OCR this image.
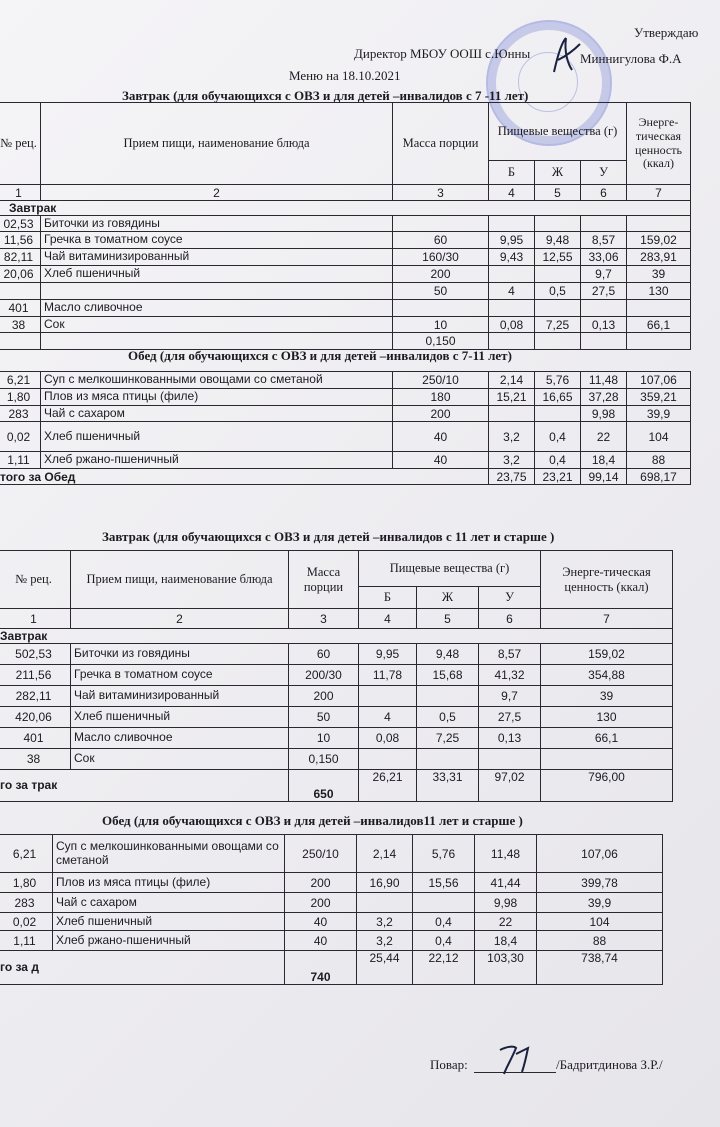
Утверждаю
Директор МБОУ ООШ с.Юнны	Миннигулова Ф.А
Меню на 18.10.2021
Завтрак (для обучающихся с ОВЗ и для детей –инвалидов с 7 -11 лет)
№ рец.	Прием пищи, наименование блюда	Масса порции	Пищевые вещества (г)			Энерге-тическая ценность (ккал)
			Б	Ж	У	
1	2	3	4	5	6	7
Завтрак						
02,53	Биточки из говядины					
11,56	Гречка в томатном соусе	60	9,95	9,48	8,57	159,02
82,11	Чай витаминизированный	160/30	9,43	12,55	33,06	283,91
20,06	Хлеб пшеничный	200			9,7	39
		50	4	0,5	27,5	130
401	Масло сливочное					
38	Сок	10	0,08	7,25	0,13	66,1
		0,150				
Обед (для обучающихся с ОВЗ и для детей –инвалидов с 7-11 лет)
6,21	Суп с мелкошинкованными овощами со сметаной	250/10	2,14	5,76	11,48	107,06
1,80	Плов из мяса птицы (филе)	180	15,21	16,65	37,28	359,21
283	Чай с сахаром	200			9,98	39,9
0,02	Хлеб пшеничный	40	3,2	0,4	22	104
1,11	Хлеб ржано-пшеничный	40	3,2	0,4	18,4	88
того за Обед			23,75	23,21	99,14	698,17
Завтрак (для обучающихся с ОВЗ и для детей –инвалидов с 11 лет и старше )
№ рец.	Прием пищи, наименование блюда	Масса порции	Пищевые вещества (г)			Энерге-тическая ценность (ккал)
			Б	Ж	У	
1	2	3	4	5	6	7
Завтрак						
502,53	Биточки из говядины	60	9,95	9,48	8,57	159,02
211,56	Гречка в томатном соусе	200/30	11,78	15,68	41,32	354,88
282,11	Чай витаминизированный	200			9,7	39
420,06	Хлеб пшеничный	50	4	0,5	27,5	130
401	Масло сливочное	10	0,08	7,25	0,13	66,1
38	Сок	0,150				
го за трак		650	26,21	33,31	97,02	796,00
Обед (для обучающихся с ОВЗ и для детей –инвалидов11 лет и старше )
6,21	Суп с мелкошинкованными овощами со сметаной	250/10	2,14	5,76	11,48	107,06
1,80	Плов из мяса птицы (филе)	200	16,90	15,56	41,44	399,78
283	Чай с сахаром	200			9,98	39,9
0,02	Хлеб пшеничный	40	3,2	0,4	22	104
1,11	Хлеб ржано-пшеничный	40	3,2	0,4	18,4	88
го за д		740	25,44	22,12	103,30	738,74
Повар:	/Бадритдинова З.Р./
